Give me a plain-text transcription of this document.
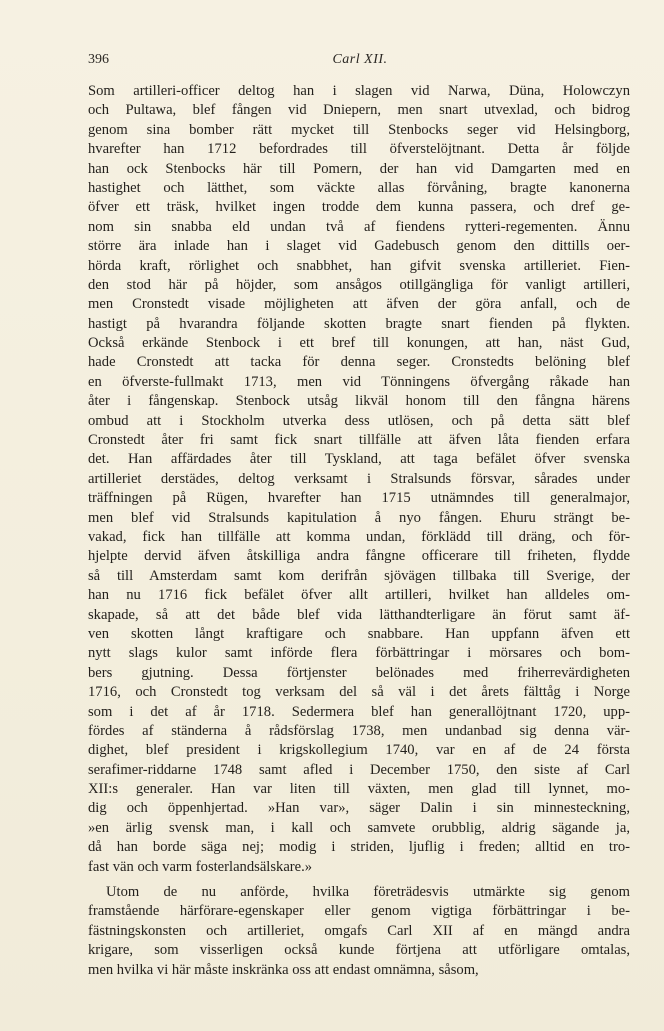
396	Carl XII.
Som artilleri-officer deltog han i slagen vid Narwa, Düna, Holowczyn
och Pultawa, blef fången vid Dniepern, men snart utvexlad, och bidrog
genom sina bomber rätt mycket till Stenbocks seger vid Helsingborg,
hvarefter han 1712 befordrades till öfverstelöjtnant. Detta år följde
han ock Stenbocks här till Pomern, der han vid Damgarten med en
hastighet och lätthet, som väckte allas förvåning, bragte kanonerna
öfver ett träsk, hvilket ingen trodde dem kunna passera, och dref ge-
nom sin snabba eld undan två af fiendens rytteri-regementen. Ännu
större ära inlade han i slaget vid Gadebusch genom den dittills oer-
hörda kraft, rörlighet och snabbhet, han gifvit svenska artilleriet. Fien-
den stod här på höjder, som ansågos otillgängliga för vanligt artilleri,
men Cronstedt visade möjligheten att äfven der göra anfall, och de
hastigt på hvarandra följande skotten bragte snart fienden på flykten.
Också erkände Stenbock i ett bref till konungen, att han, näst Gud,
hade Cronstedt att tacka för denna seger. Cronstedts belöning blef
en öfverste-fullmakt 1713, men vid Tönningens öfvergång råkade han
åter i fångenskap. Stenbock utsåg likväl honom till den fångna härens
ombud att i Stockholm utverka dess utlösen, och på detta sätt blef
Cronstedt åter fri samt fick snart tillfälle att äfven låta fienden erfara
det. Han affärdades åter till Tyskland, att taga befälet öfver svenska
artilleriet derstädes, deltog verksamt i Stralsunds försvar, sårades under
träffningen på Rügen, hvarefter han 1715 utnämndes till generalmajor,
men blef vid Stralsunds kapitulation å nyo fången. Ehuru strängt be-
vakad, fick han tillfälle att komma undan, förklädd till dräng, och för-
hjelpte dervid äfven åtskilliga andra fångne officerare till friheten, flydde
så till Amsterdam samt kom derifrån sjövägen tillbaka till Sverige, der
han nu 1716 fick befälet öfver allt artilleri, hvilket han alldeles om-
skapade, så att det både blef vida lätthandterligare än förut samt äf-
ven skotten långt kraftigare och snabbare. Han uppfann äfven ett
nytt slags kulor samt införde flera förbättringar i mörsares och bom-
bers gjutning. Dessa förtjenster belönades med friherrevärdigheten
1716, och Cronstedt tog verksam del så väl i det årets fälttåg i Norge
som i det af år 1718. Sedermera blef han generallöjtnant 1720, upp-
fördes af ständerna å rådsförslag 1738, men undanbad sig denna vär-
dighet, blef president i krigskollegium 1740, var en af de 24 första
serafimer-riddarne 1748 samt afled i December 1750, den siste af Carl
XII:s generaler. Han var liten till växten, men glad till lynnet, mo-
dig och öppenhjertad. »Han var», säger Dalin i sin minnesteckning,
»en ärlig svensk man, i kall och samvete orubblig, aldrig sägande ja,
då han borde säga nej; modig i striden, ljuflig i freden; alltid en tro-
fast vän och varm fosterlandsälskare.»
Utom de nu anförde, hvilka företrädesvis utmärkte sig genom
framstående härförare-egenskaper eller genom vigtiga förbättringar i be-
fästningskonsten och artilleriet, omgafs Carl XII af en mängd andra
krigare, som visserligen också kunde förtjena att utförligare omtalas,
men hvilka vi här måste inskränka oss att endast omnämna, såsom,
